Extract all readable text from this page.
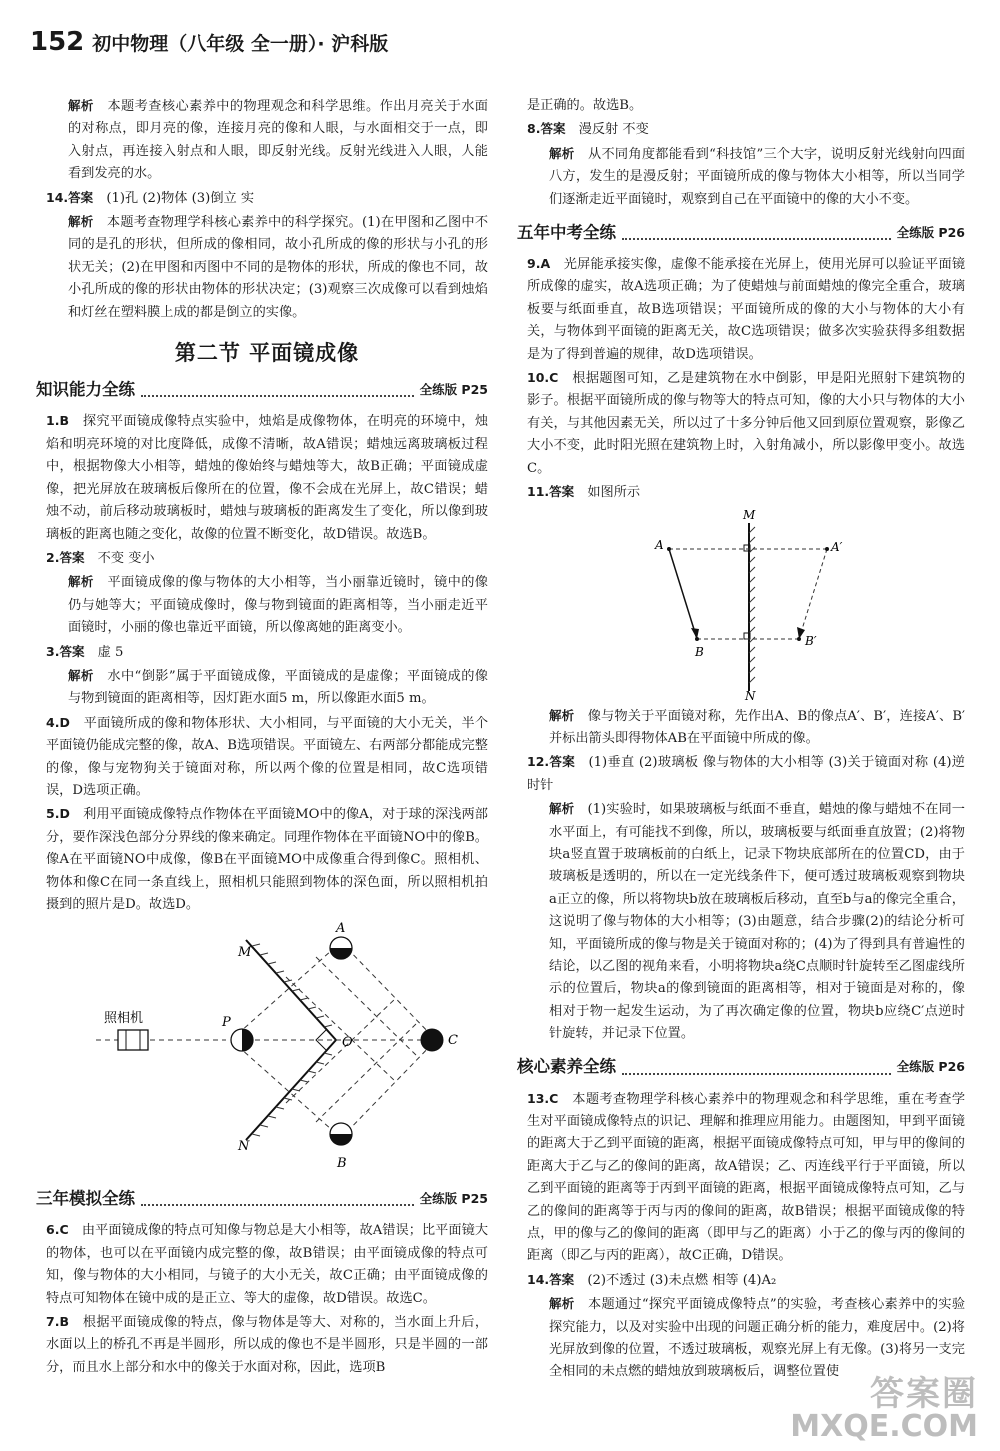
152 初中物理（八年级 全一册）· 沪科版

解析　 本题考查核心素养中的物理观念和科学思维。作出月亮关于水面的对称点，即月亮的像，连接月亮的像和人眼，与水面相交于一点，即入射点，再连接入射点和人眼，即反射光线。反射光线进入人眼，人能看到发亮的水。

14.答案　 (1)孔 (2)物体 (3)倒立 实

解析　 本题考查物理学科核心素养中的科学探究。(1)在甲图和乙图中不同的是孔的形状，但所成的像相同，故小孔所成的像的形状与小孔的形状无关；(2)在甲图和丙图中不同的是物体的形状，所成的像也不同，故小孔所成的像的形状由物体的形状决定；(3)观察三次成像可以看到烛焰和灯丝在塑料膜上成的都是倒立的实像。

第二节 平面镜成像
知识能力全练	全练版 P25

1.B　 探究平面镜成像特点实验中，烛焰是成像物体，在明亮的环境中，烛焰和明亮环境的对比度降低，成像不清晰，故A错误；蜡烛远离玻璃板过程中，根据物像大小相等，蜡烛的像始终与蜡烛等大，故B正确；平面镜成虚像，把光屏放在玻璃板后像所在的位置，像不会成在光屏上，故C错误；蜡烛不动，前后移动玻璃板时，蜡烛与玻璃板的距离发生了变化，所以像到玻璃板的距离也随之变化，故像的位置不断变化，故D错误。故选B。

2.答案　 不变 变小

解析　 平面镜成像的像与物体的大小相等，当小丽靠近镜时，镜中的像仍与她等大；平面镜成像时，像与物到镜面的距离相等，当小丽走近平面镜时，小丽的像也靠近平面镜，所以像离她的距离变小。

3.答案　 虚 5

解析　 水中“倒影”属于平面镜成像，平面镜成的是虚像；平面镜成的像与物到镜面的距离相等，因灯距水面5 m，所以像距水面5 m。

4.D　 平面镜所成的像和物体形状、大小相同，与平面镜的大小无关，半个平面镜仍能成完整的像，故A、B选项错误。平面镜左、右两部分都能成完整的像，像与宠物狗关于镜面对称，所以两个像的位置是相同，故C选项错误，D选项正确。

5.D　 利用平面镜成像特点作物体在平面镜MO中的像A，对于球的深浅两部分，要作深浅色部分分界线的像来确定。同理作物体在平面镜NO中的像B。像A在平面镜NO中成像，像B在平面镜MO中成像重合得到像C。照相机、物体和像C在同一条直线上，照相机只能照到物体的深色面，所以照相机拍摄到的照片是D。故选D。

照相机
M
N
A
B
C
P
O
三年模拟全练	全练版 P25

6.C　 由平面镜成像的特点可知像与物总是大小相等，故A错误；比平面镜大的物体，也可以在平面镜内成完整的像，故B错误；由平面镜成像的特点可知，像与物体的大小相同，与镜子的大小无关，故C正确；由平面镜成像的特点可知物体在镜中成的是正立、等大的虚像，故D错误。故选C。

7.B　 根据平面镜成像的特点，像与物体是等大、对称的，当水面上升后，水面以上的桥孔不再是半圆形，所以成的像也不是半圆形，只是半圆的一部分，而且水上部分和水中的像关于水面对称，因此，选项B

是正确的。故选B。

8.答案　 漫反射 不变

解析　 从不同角度都能看到“科技馆”三个大字，说明反射光线射向四面八方，发生的是漫反射；平面镜所成的像与物体大小相等，所以当同学们逐渐走近平面镜时，观察到自己在平面镜中的像的大小不变。

五年中考全练	全练版 P26

9.A　 光屏能承接实像，虚像不能承接在光屏上，使用光屏可以验证平面镜所成像的虚实，故A选项正确；为了使蜡烛与前面蜡烛的像完全重合，玻璃板要与纸面垂直，故B选项错误；平面镜所成的像的大小与物体的大小有关，与物体到平面镜的距离无关，故C选项错误；做多次实验获得多组数据是为了得到普遍的规律，故D选项错误。

10.C　 根据题图可知，乙是建筑物在水中倒影，甲是阳光照射下建筑物的影子。根据平面镜所成的像与物等大的特点可知，像的大小只与物体的大小有关，与其他因素无关，所以过了十多分钟后他又回到原位置观察，影像乙大小不变，此时阳光照在建筑物上时，入射角减小，所以影像甲变小。故选C。

11.答案　 如图所示

M
N
A
B
A′
B′

解析　 像与物关于平面镜对称，先作出A、B的像点A′、B′，连接A′、B′并标出箭头即得物体AB在平面镜中所成的像。

12.答案　 (1)垂直 (2)玻璃板 像与物体的大小相等 (3)关于镜面对称 (4)逆时针

解析　 (1)实验时，如果玻璃板与纸面不垂直，蜡烛的像与蜡烛不在同一水平面上，有可能找不到像，所以，玻璃板要与纸面垂直放置；(2)将物块a竖直置于玻璃板前的白纸上，记录下物块底部所在的位置CD，由于玻璃板是透明的，所以在一定光线条件下，便可透过玻璃板观察到物块a正立的像，所以将物块b放在玻璃板后移动，直至b与a的像完全重合，这说明了像与物体的大小相等；(3)由题意，结合步骤(2)的结论分析可知，平面镜所成的像与物是关于镜面对称的；(4)为了得到具有普遍性的结论，以乙图的视角来看，小明将物块a绕C点顺时针旋转至乙图虚线所示的位置后，物块a的像到镜面的距离相等，相对于镜面是对称的，像相对于物一起发生运动，为了再次确定像的位置，物块b应绕C′点逆时针旋转，并记录下位置。

核心素养全练	全练版 P26

13.C　 本题考查物理学科核心素养中的物理观念和科学思维，重在考查学生对平面镜成像特点的识记、理解和推理应用能力。由题图知，甲到平面镜的距离大于乙到平面镜的距离，根据平面镜成像特点可知，甲与甲的像间的距离大于乙与乙的像间的距离，故A错误；乙、丙连线平行于平面镜，所以乙到平面镜的距离等于丙到平面镜的距离，根据平面镜成像特点可知，乙与乙的像间的距离等于丙与丙的像间的距离，故B错误；根据平面镜成像的特点，甲的像与乙的像间的距离（即甲与乙的距离）小于乙的像与丙的像间的距离（即乙与丙的距离），故C正确，D错误。

14.答案　 (2)不透过 (3)未点燃 相等 (4)A₂

解析　 本题通过“探究平面镜成像特点”的实验，考查核心素养中的实验探究能力，以及对实验中出现的问题正确分析的能力，难度居中。(2)将光屏放到像的位置，不透过玻璃板，观察光屏上有无像。(3)将另一支完全相同的未点燃的蜡烛放到玻璃板后，调整位置使

答案圈
MXQE.COM
